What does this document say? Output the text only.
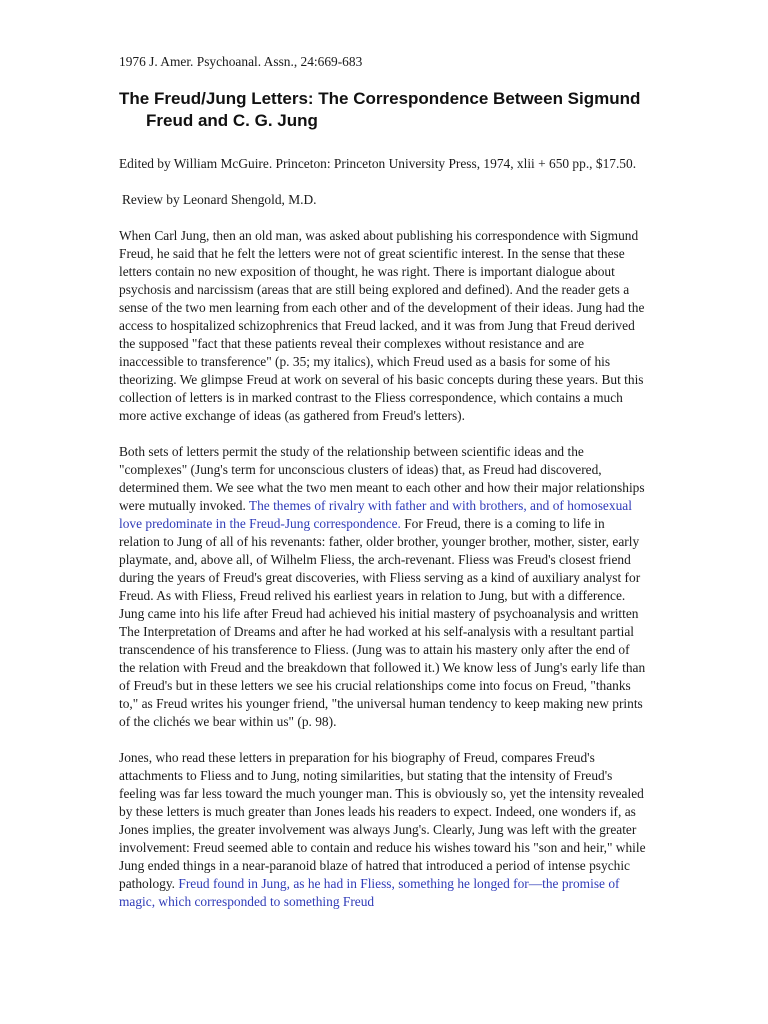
1976 J. Amer. Psychoanal. Assn., 24:669-683

The Freud/Jung Letters: The Correspondence Between Sigmund Freud and C. G. Jung

Edited by William McGuire. Princeton: Princeton University Press, 1974, xlii + 650 pp., $17.50.

Review by Leonard Shengold, M.D.

When Carl Jung, then an old man, was asked about publishing his correspondence with Sigmund Freud, he said that he felt the letters were not of great scientific interest. In the sense that these letters contain no new exposition of thought, he was right. There is important dialogue about psychosis and narcissism (areas that are still being explored and defined). And the reader gets a sense of the two men learning from each other and of the development of their ideas. Jung had the access to hospitalized schizophrenics that Freud lacked, and it was from Jung that Freud derived the supposed "fact that these patients reveal their complexes without resistance and are inaccessible to transference" (p. 35; my italics), which Freud used as a basis for some of his theorizing. We glimpse Freud at work on several of his basic concepts during these years. But this collection of letters is in marked contrast to the Fliess correspondence, which contains a much more active exchange of ideas (as gathered from Freud's letters).

Both sets of letters permit the study of the relationship between scientific ideas and the "complexes" (Jung's term for unconscious clusters of ideas) that, as Freud had discovered, determined them. We see what the two men meant to each other and how their major relationships were mutually invoked. The themes of rivalry with father and with brothers, and of homosexual love predominate in the Freud-Jung correspondence. For Freud, there is a coming to life in relation to Jung of all of his revenants: father, older brother, younger brother, mother, sister, early playmate, and, above all, of Wilhelm Fliess, the arch-revenant. Fliess was Freud's closest friend during the years of Freud's great discoveries, with Fliess serving as a kind of auxiliary analyst for Freud. As with Fliess, Freud relived his earliest years in relation to Jung, but with a difference. Jung came into his life after Freud had achieved his initial mastery of psychoanalysis and written The Interpretation of Dreams and after he had worked at his self-analysis with a resultant partial transcendence of his transference to Fliess. (Jung was to attain his mastery only after the end of the relation with Freud and the breakdown that followed it.) We know less of Jung's early life than of Freud's but in these letters we see his crucial relationships come into focus on Freud, "thanks to," as Freud writes his younger friend, "the universal human tendency to keep making new prints of the clichés we bear within us" (p. 98).

Jones, who read these letters in preparation for his biography of Freud, compares Freud's attachments to Fliess and to Jung, noting similarities, but stating that the intensity of Freud's feeling was far less toward the much younger man. This is obviously so, yet the intensity revealed by these letters is much greater than Jones leads his readers to expect. Indeed, one wonders if, as Jones implies, the greater involvement was always Jung's. Clearly, Jung was left with the greater involvement: Freud seemed able to contain and reduce his wishes toward his "son and heir," while Jung ended things in a near-paranoid blaze of hatred that introduced a period of intense psychic pathology. Freud found in Jung, as he had in Fliess, something he longed for—the promise of magic, which corresponded to something Freud
